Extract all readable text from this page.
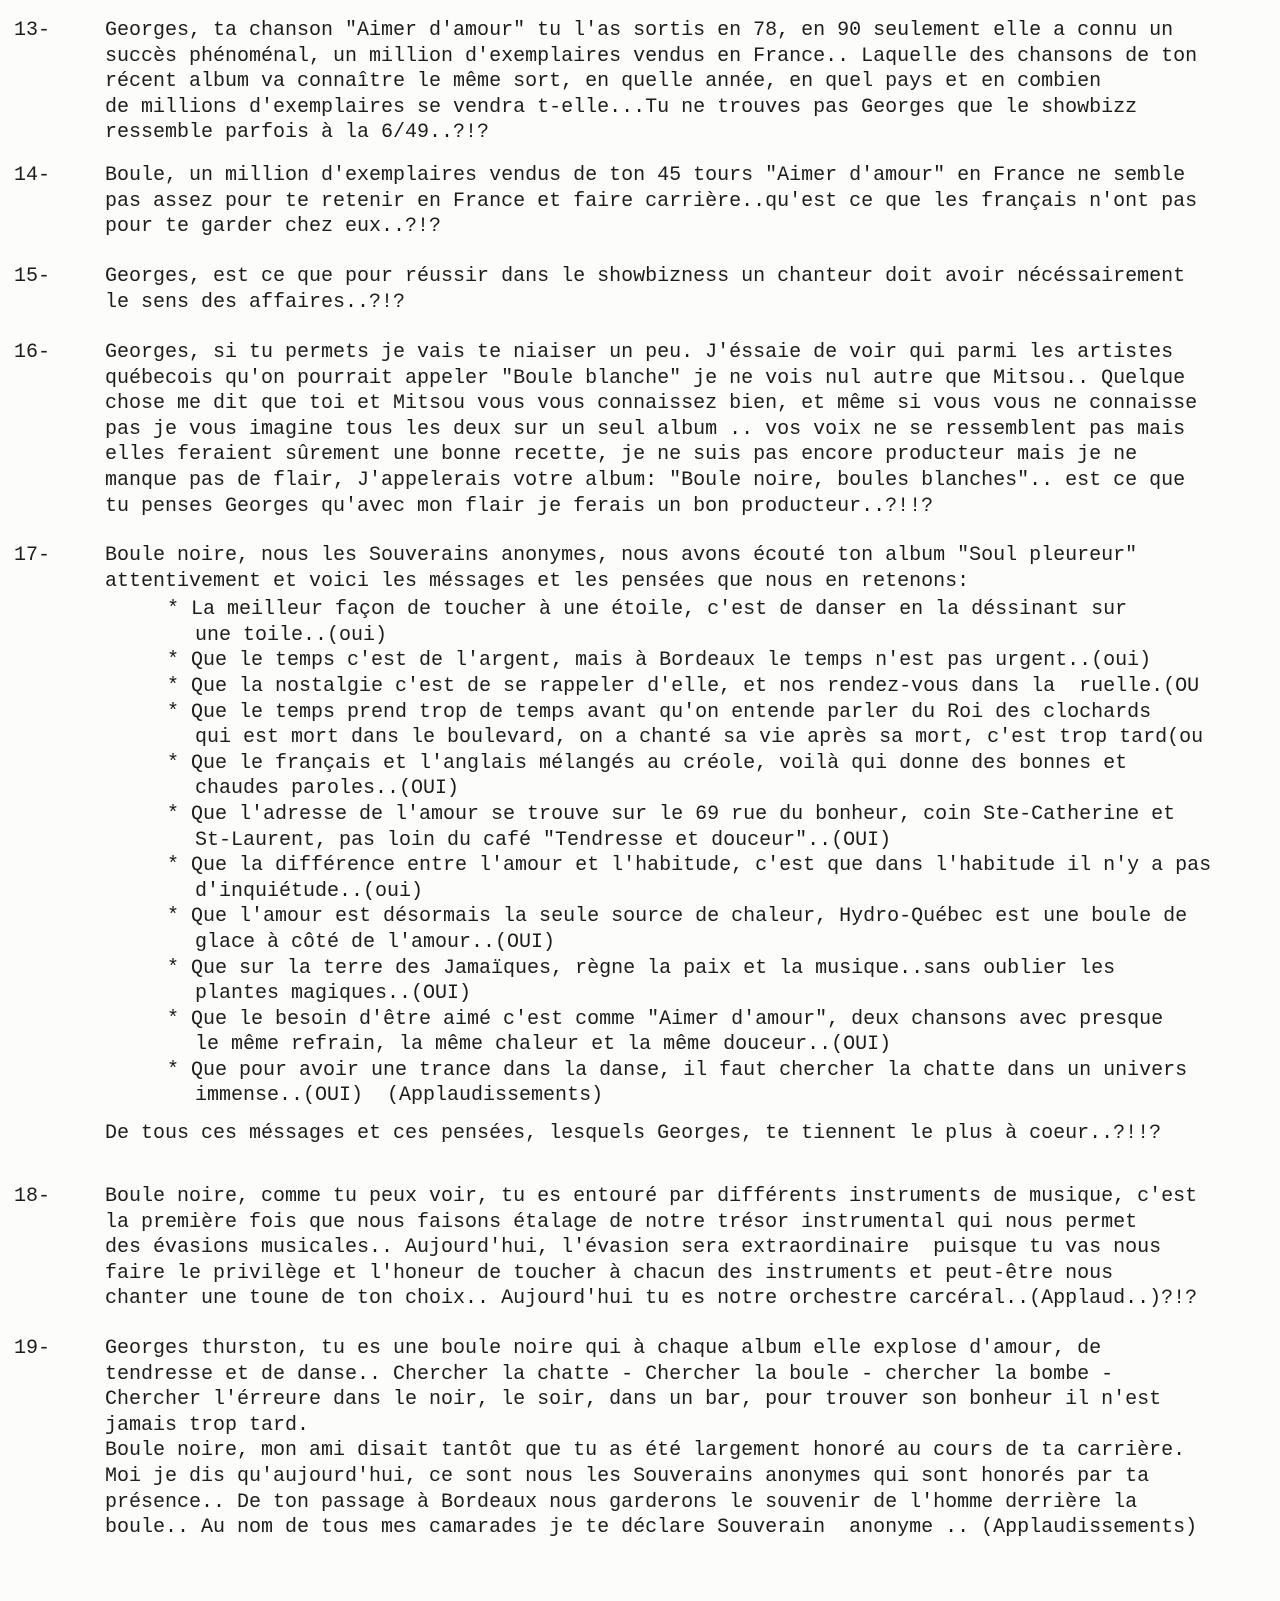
13-	Georges, ta chanson "Aimer d'amour" tu l'as sortis en 78, en 90 seulement elle a connu un
succès phénoménal, un million d'exemplaires vendus en France.. Laquelle des chansons de ton
récent album va connaître le même sort, en quelle année, en quel pays et en combien
de millions d'exemplaires se vendra t-elle...Tu ne trouves pas Georges que le showbizz
ressemble parfois à la 6/49..?!?
14-	Boule, un million d'exemplaires vendus de ton 45 tours "Aimer d'amour" en France ne semble
pas assez pour te retenir en France et faire carrière..qu'est ce que les français n'ont pas
pour te garder chez eux..?!?
15-	Georges, est ce que pour réussir dans le showbizness un chanteur doit avoir nécéssairement
le sens des affaires..?!?
16-	Georges, si tu permets je vais te niaiser un peu. J'éssaie de voir qui parmi les artistes
québecois qu'on pourrait appeler "Boule blanche" je ne vois nul autre que Mitsou.. Quelque
chose me dit que toi et Mitsou vous vous connaissez bien, et même si vous vous ne connaisse
pas je vous imagine tous les deux sur un seul album .. vos voix ne se ressemblent pas mais
elles feraient sûrement une bonne recette, je ne suis pas encore producteur mais je ne
manque pas de flair, J'appelerais votre album: "Boule noire, boules blanches".. est ce que
tu penses Georges qu'avec mon flair je ferais un bon producteur..?!!?
17-	Boule noire, nous les Souverains anonymes, nous avons écouté ton album "Soul pleureur"
attentivement et voici les méssages et les pensées que nous en retenons:
* La meilleur façon de toucher à une étoile, c'est de danser en la déssinant sur
une toile..(oui)
* Que le temps c'est de l'argent, mais à Bordeaux le temps n'est pas urgent..(oui)
* Que la nostalgie c'est de se rappeler d'elle, et nos rendez-vous dans la  ruelle.(OU
* Que le temps prend trop de temps avant qu'on entende parler du Roi des clochards
qui est mort dans le boulevard, on a chanté sa vie après sa mort, c'est trop tard(ou
* Que le français et l'anglais mélangés au créole, voilà qui donne des bonnes et
chaudes paroles..(OUI)
* Que l'adresse de l'amour se trouve sur le 69 rue du bonheur, coin Ste-Catherine et
St-Laurent, pas loin du café "Tendresse et douceur"..(OUI)
* Que la différence entre l'amour et l'habitude, c'est que dans l'habitude il n'y a pas
d'inquiétude..(oui)
* Que l'amour est désormais la seule source de chaleur, Hydro-Québec est une boule de
glace à côté de l'amour..(OUI)
* Que sur la terre des Jamaïques, règne la paix et la musique..sans oublier les
plantes magiques..(OUI)
* Que le besoin d'être aimé c'est comme "Aimer d'amour", deux chansons avec presque
le même refrain, la même chaleur et la même douceur..(OUI)
* Que pour avoir une trance dans la danse, il faut chercher la chatte dans un univers
immense..(OUI)  (Applaudissements)
De tous ces méssages et ces pensées, lesquels Georges, te tiennent le plus à coeur..?!!?
18-	Boule noire, comme tu peux voir, tu es entouré par différents instruments de musique, c'est
la première fois que nous faisons étalage de notre trésor instrumental qui nous permet
des évasions musicales.. Aujourd'hui, l'évasion sera extraordinaire  puisque tu vas nous
faire le privilège et l'honeur de toucher à chacun des instruments et peut-être nous
chanter une toune de ton choix.. Aujourd'hui tu es notre orchestre carcéral..(Applaud..)?!?
19-	Georges thurston, tu es une boule noire qui à chaque album elle explose d'amour, de
tendresse et de danse.. Chercher la chatte - Chercher la boule - chercher la bombe -
Chercher l'érreure dans le noir, le soir, dans un bar, pour trouver son bonheur il n'est
jamais trop tard.
Boule noire, mon ami disait tantôt que tu as été largement honoré au cours de ta carrière.
Moi je dis qu'aujourd'hui, ce sont nous les Souverains anonymes qui sont honorés par ta
présence.. De ton passage à Bordeaux nous garderons le souvenir de l'homme derrière la
boule.. Au nom de tous mes camarades je te déclare Souverain  anonyme .. (Applaudissements)
